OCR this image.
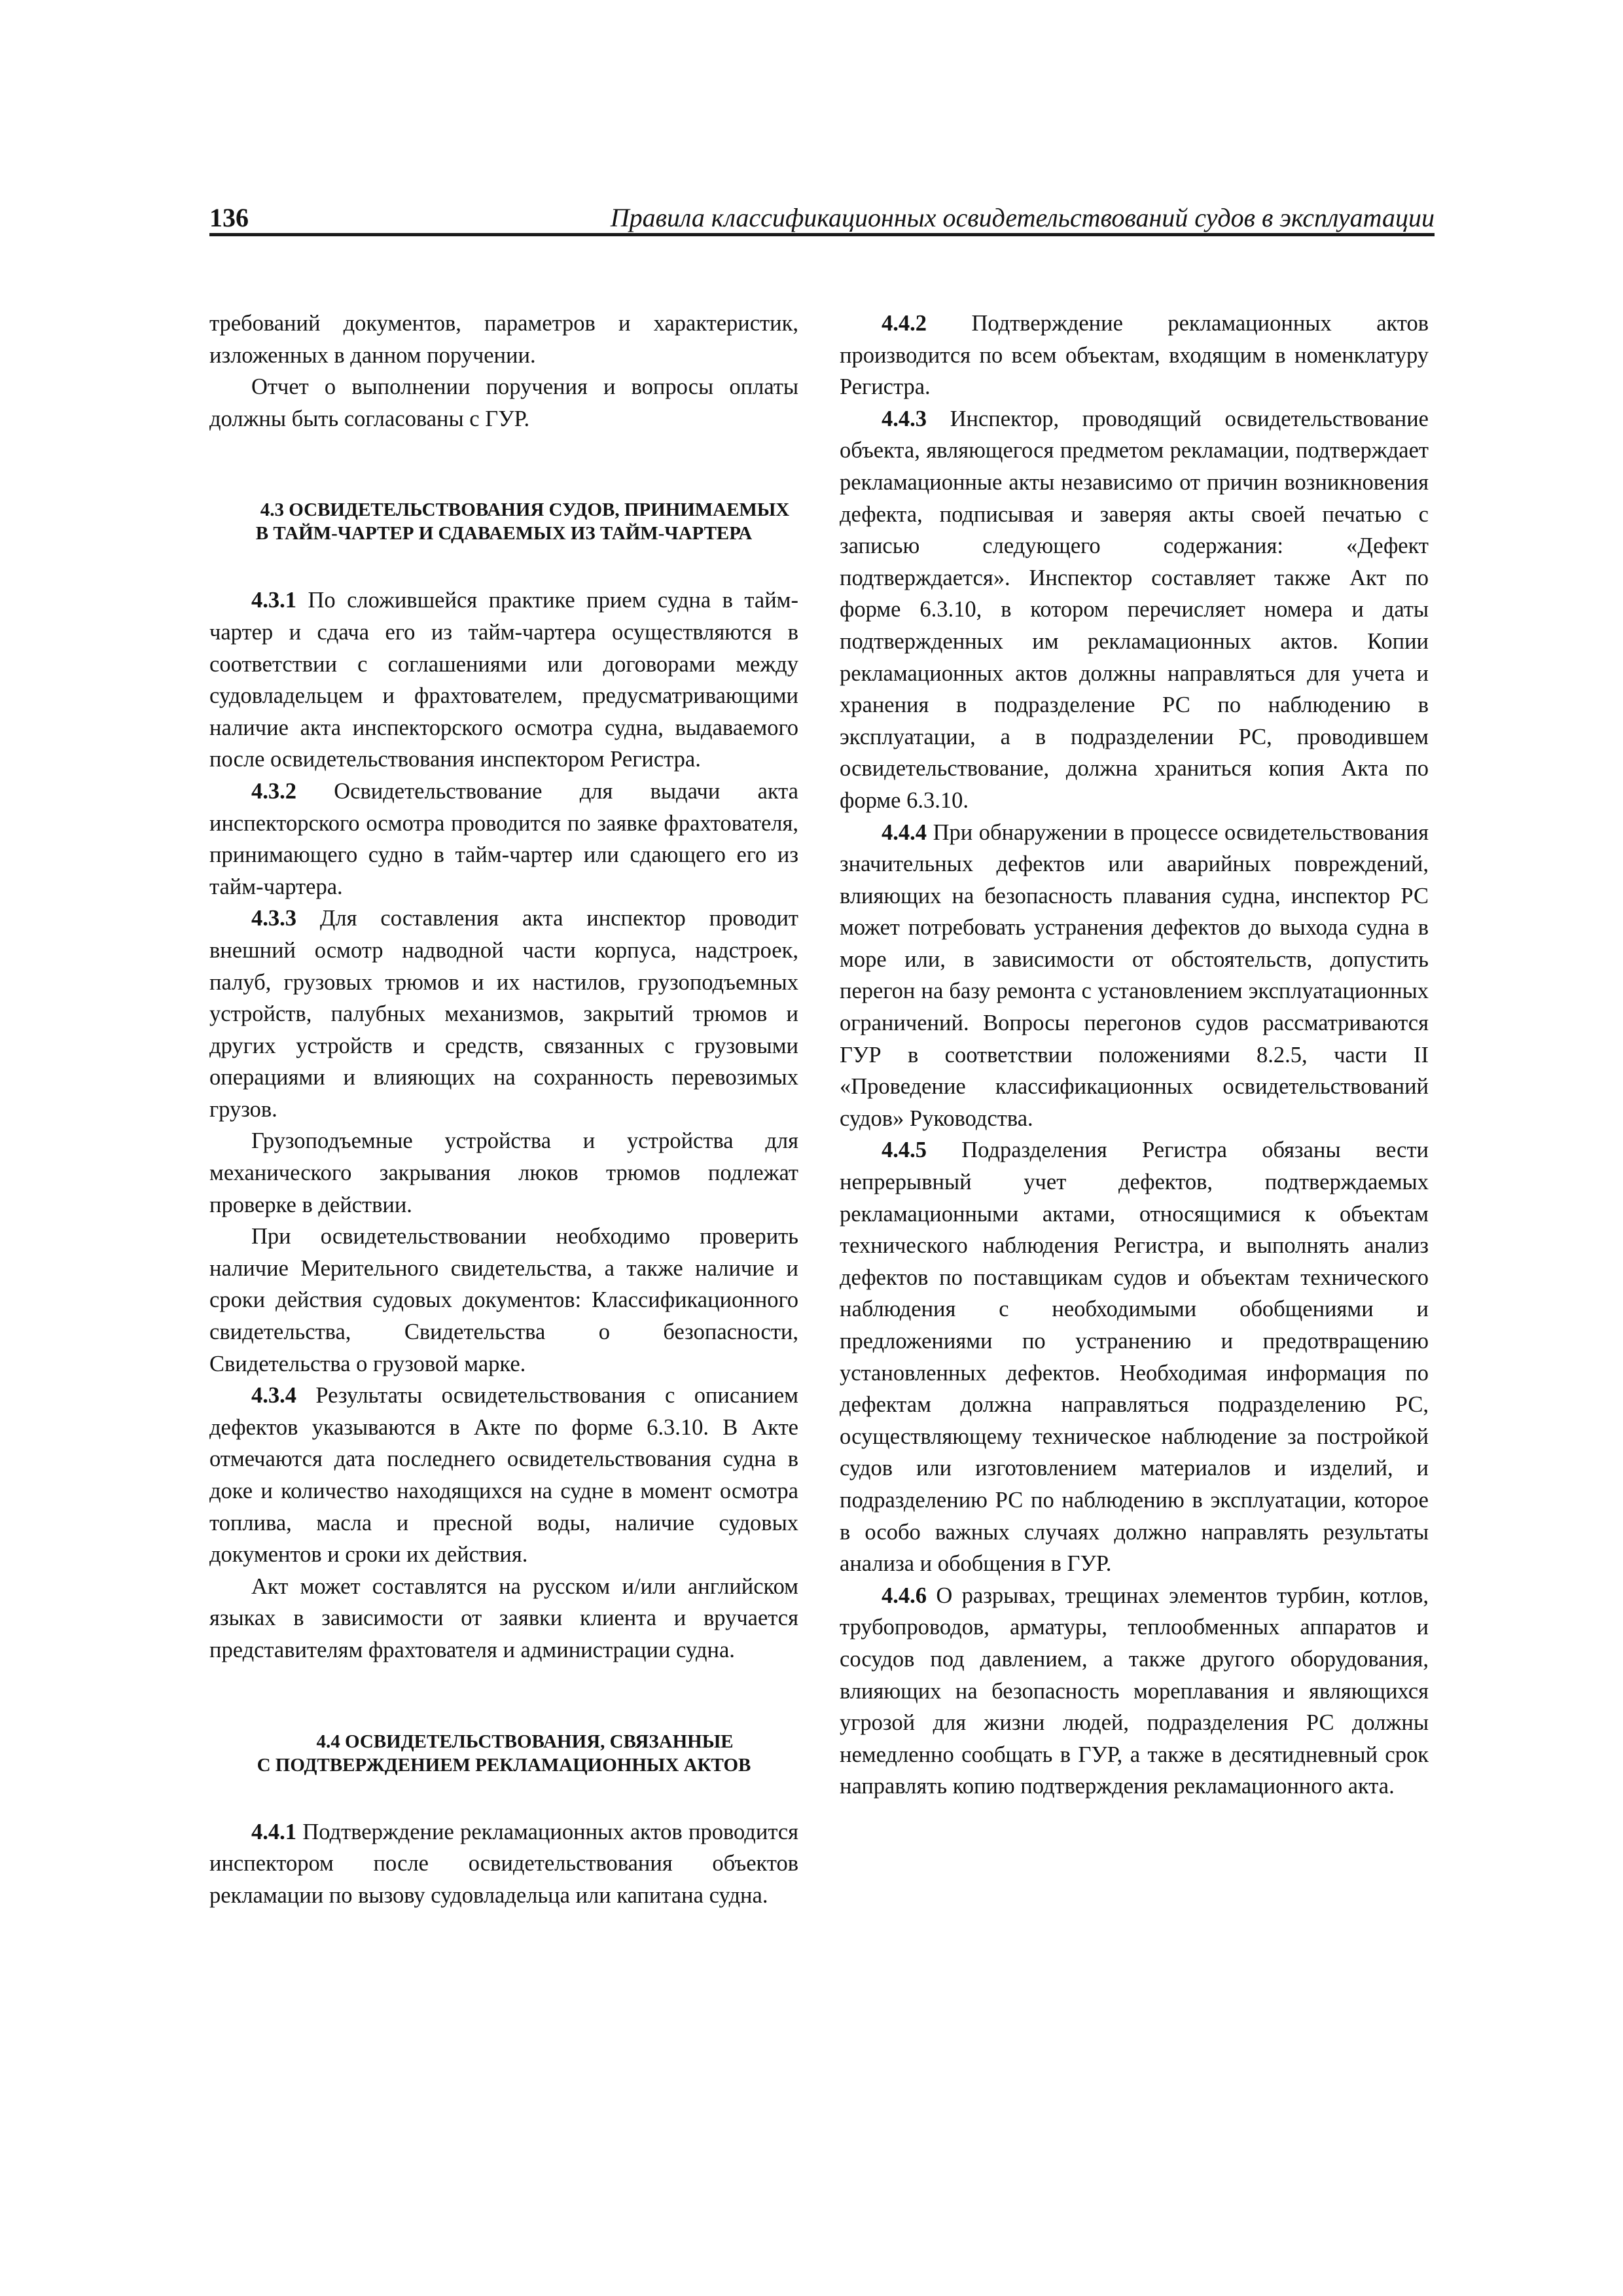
136	Правила классификационных освидетельствований судов в эксплуатации

требований документов, параметров и характеристик, изложенных в данном поручении.

Отчет о выполнении поручения и вопросы оплаты должны быть согласованы с ГУР.

4.3 ОСВИДЕТЕЛЬСТВОВАНИЯ СУДОВ, ПРИНИМАЕМЫХ
В ТАЙМ-ЧАРТЕР И СДАВАЕМЫХ ИЗ ТАЙМ-ЧАРТЕРА

4.3.1 По сложившейся практике прием судна в тайм-чартер и сдача его из тайм-чартера осуществляются в соответствии с соглашениями или договорами между судовладельцем и фрахтователем, предусматривающими наличие акта инспекторского осмотра судна, выдаваемого после освидетельствования инспектором Регистра.

4.3.2 Освидетельствование для выдачи акта инспекторского осмотра проводится по заявке фрахтователя, принимающего судно в тайм-чартер или сдающего его из тайм-чартера.

4.3.3 Для составления акта инспектор проводит внешний осмотр надводной части корпуса, надстроек, палуб, грузовых трюмов и их настилов, грузоподъемных устройств, палубных механизмов, закрытий трюмов и других устройств и средств, связанных с грузовыми операциями и влияющих на сохранность перевозимых грузов.

Грузоподъемные устройства и устройства для механического закрывания люков трюмов подлежат проверке в действии.

При освидетельствовании необходимо проверить наличие Мерительного свидетельства, а также наличие и сроки действия судовых документов: Классификационного свидетельства, Свидетельства о безопасности, Свидетельства о грузовой марке.

4.3.4 Результаты освидетельствования с описанием дефектов указываются в Акте по форме 6.3.10. В Акте отмечаются дата последнего освидетельствования судна в доке и количество находящихся на судне в момент осмотра топлива, масла и пресной воды, наличие судовых документов и сроки их действия.

Акт может составлятся на русском и/или английском языках в зависимости от заявки клиента и вручается представителям фрахтователя и администрации судна.

4.4 ОСВИДЕТЕЛЬСТВОВАНИЯ, СВЯЗАННЫЕ
С ПОДТВЕРЖДЕНИЕМ РЕКЛАМАЦИОННЫХ АКТОВ

4.4.1 Подтверждение рекламационных актов проводится инспектором после освидетельствования объектов рекламации по вызову судовладельца или капитана судна.

4.4.2 Подтверждение рекламационных актов производится по всем объектам, входящим в номенклатуру Регистра.

4.4.3 Инспектор, проводящий освидетельствование объекта, являющегося предметом рекламации, подтверждает рекламационные акты независимо от причин возникновения дефекта, подписывая и заверяя акты своей печатью с записью следующего содержания: «Дефект подтверждается». Инспектор составляет также Акт по форме 6.3.10, в котором перечисляет номера и даты подтвержденных им рекламационных актов. Копии рекламационных актов должны направляться для учета и хранения в подразделение РС по наблюдению в эксплуатации, а в подразделении РС, проводившем освидетельствование, должна храниться копия Акта по форме 6.3.10.

4.4.4 При обнаружении в процессе освидетельствования значительных дефектов или аварийных повреждений, влияющих на безопасность плавания судна, инспектор РС может потребовать устранения дефектов до выхода судна в море или, в зависимости от обстоятельств, допустить перегон на базу ремонта с установлением эксплуатационных ограничений. Вопросы перегонов судов рассматриваются ГУР в соответствии положениями 8.2.5, части II «Проведение классификационных освидетельствований судов» Руководства.

4.4.5 Подразделения Регистра обязаны вести непрерывный учет дефектов, подтверждаемых рекламационными актами, относящимися к объектам технического наблюдения Регистра, и выполнять анализ дефектов по поставщикам судов и объектам технического наблюдения с необходимыми обобщениями и предложениями по устранению и предотвращению установленных дефектов. Необходимая информация по дефектам должна направляться подразделению РС, осуществляющему техническое наблюдение за постройкой судов или изготовлением материалов и изделий, и подразделению РС по наблюдению в эксплуатации, которое в особо важных случаях должно направлять результаты анализа и обобщения в ГУР.

4.4.6 О разрывах, трещинах элементов турбин, котлов, трубопроводов, арматуры, теплообменных аппаратов и сосудов под давлением, а также другого оборудования, влияющих на безопасность мореплавания и являющихся угрозой для жизни людей, подразделения РС должны немедленно сообщать в ГУР, а также в десятидневный срок направлять копию подтверждения рекламационного акта.
